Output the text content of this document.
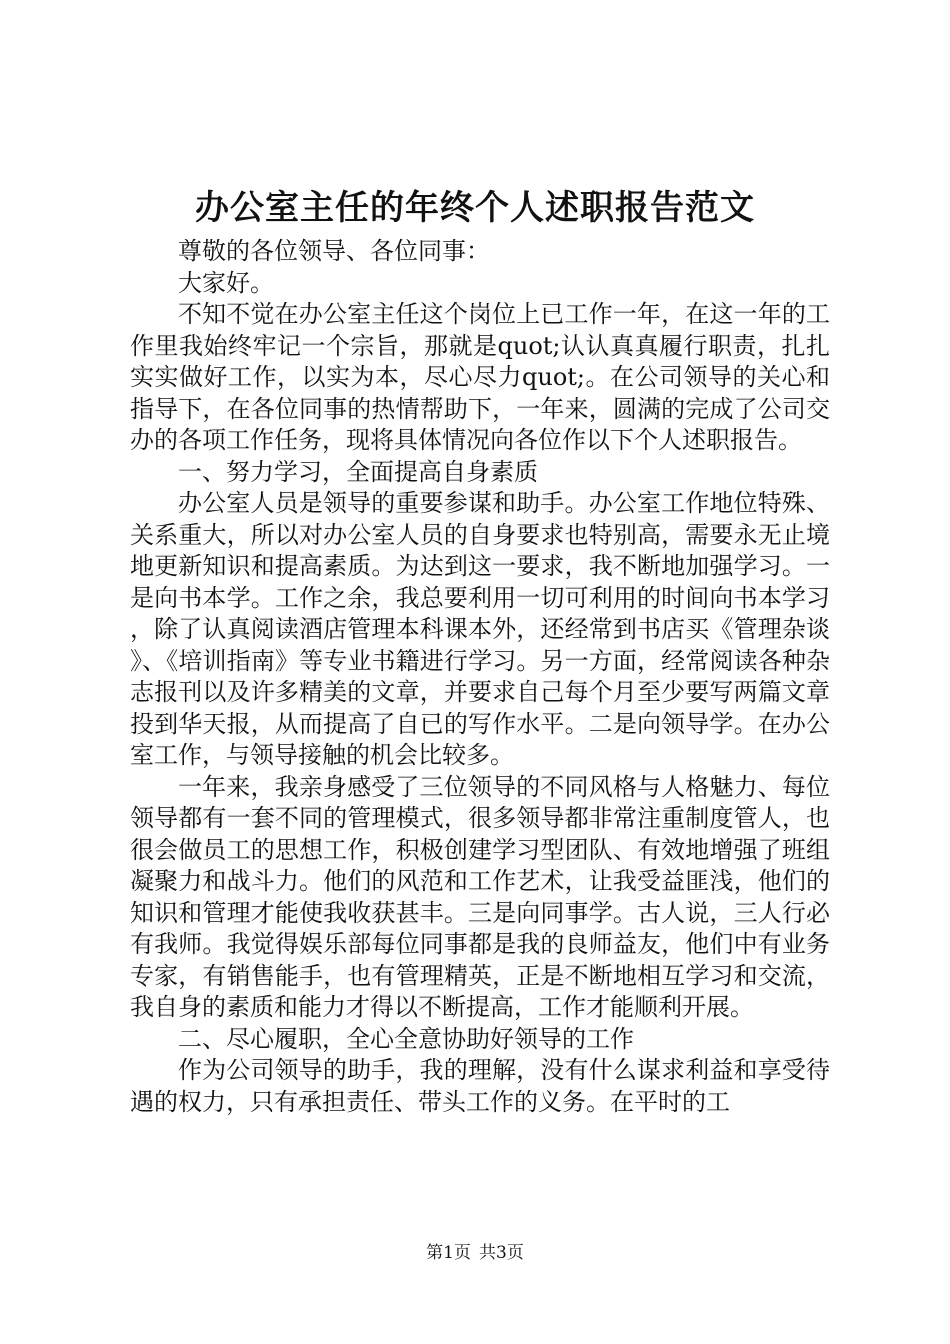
办公室主任的年终个人述职报告范文

尊敬的各位领导、各位同事：

大家好。

不知不觉在办公室主任这个岗位上已工作一年，在这一年的工作里我始终牢记一个宗旨，那就是quot;认认真真履行职责，扎扎实实做好工作，以实为本，尽心尽力quot;。在公司领导的关心和指导下，在各位同事的热情帮助下，一年来，圆满的完成了公司交办的各项工作任务，现将具体情况向各位作以下个人述职报告。

一、努力学习，全面提高自身素质

办公室人员是领导的重要参谋和助手。办公室工作地位特殊、关系重大，所以对办公室人员的自身要求也特别高，需要永无止境地更新知识和提高素质。为达到这一要求，我不断地加强学习。一是向书本学。工作之余，我总要利用一切可利用的时间向书本学习，除了认真阅读酒店管理本科课本外，还经常到书店买《管理杂谈》、《培训指南》等专业书籍进行学习。另一方面，经常阅读各种杂志报刊以及许多精美的文章，并要求自己每个月至少要写两篇文章投到华天报，从而提高了自已的写作水平。二是向领导学。在办公室工作，与领导接触的机会比较多。

一年来，我亲身感受了三位领导的不同风格与人格魅力、每位领导都有一套不同的管理模式，很多领导都非常注重制度管人，也很会做员工的思想工作，积极创建学习型团队、有效地增强了班组凝聚力和战斗力。他们的风范和工作艺术，让我受益匪浅，他们的知识和管理才能使我收获甚丰。三是向同事学。古人说，三人行必有我师。我觉得娱乐部每位同事都是我的良师益友，他们中有业务专家，有销售能手，也有管理精英，正是不断地相互学习和交流，我自身的素质和能力才得以不断提高，工作才能顺利开展。

二、尽心履职，全心全意协助好领导的工作

作为公司领导的助手，我的理解，没有什么谋求利益和享受待遇的权力，只有承担责任、带头工作的义务。在平时的工

第1页 共3页
